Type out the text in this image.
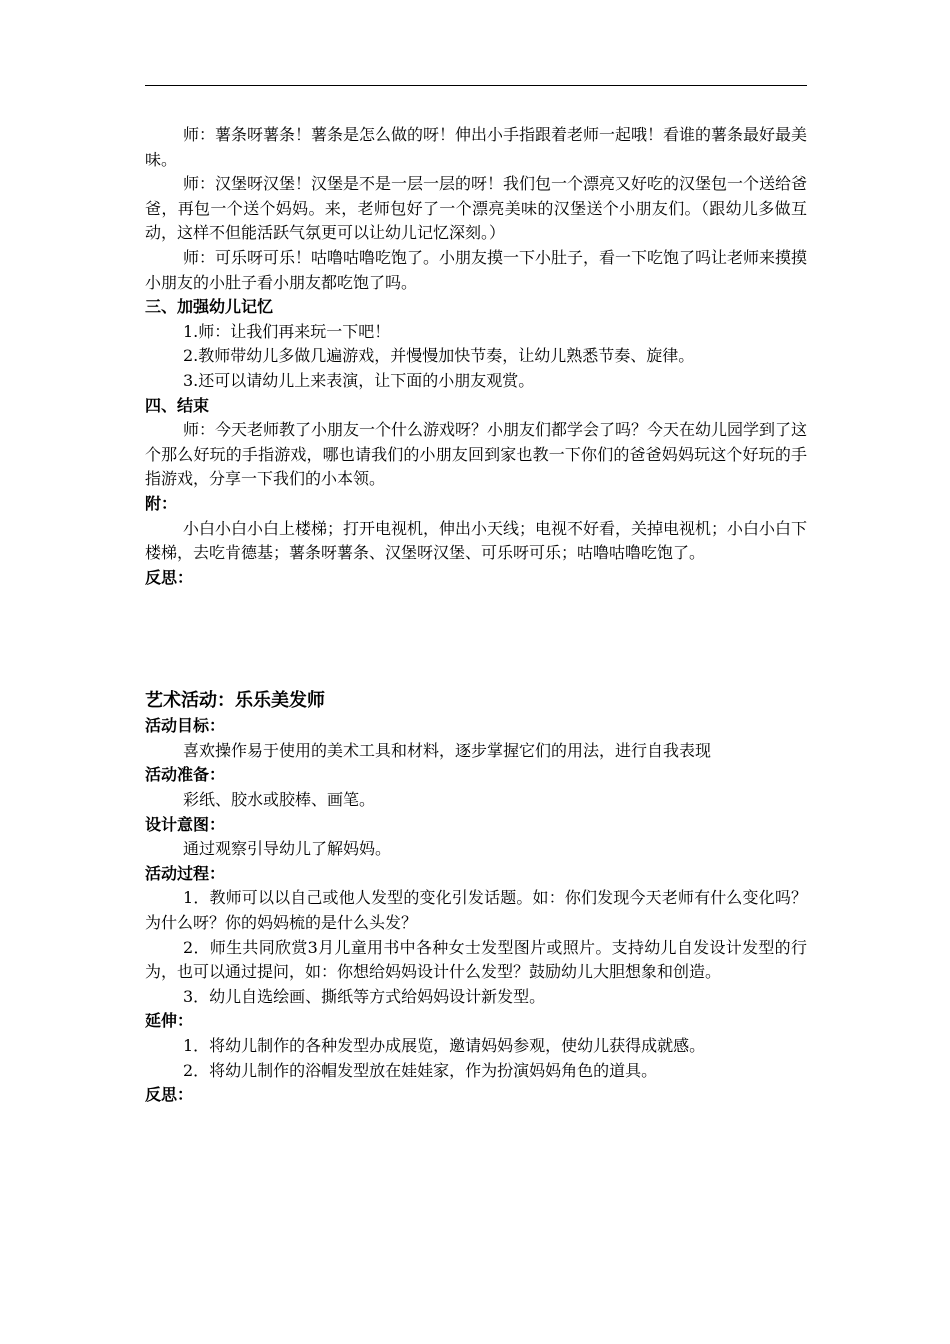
师：薯条呀薯条！薯条是怎么做的呀！伸出小手指跟着老师一起哦！看谁的薯条最好最美味。

师：汉堡呀汉堡！汉堡是不是一层一层的呀！我们包一个漂亮又好吃的汉堡包一个送给爸爸，再包一个送个妈妈。来，老师包好了一个漂亮美味的汉堡送个小朋友们。（跟幼儿多做互动，这样不但能活跃气氛更可以让幼儿记忆深刻。）

师：可乐呀可乐！咕噜咕噜吃饱了。小朋友摸一下小肚子，看一下吃饱了吗让老师来摸摸小朋友的小肚子看小朋友都吃饱了吗。

三、加强幼儿记忆

1.师：让我们再来玩一下吧！

2.教师带幼儿多做几遍游戏，并慢慢加快节奏，让幼儿熟悉节奏、旋律。

3.还可以请幼儿上来表演，让下面的小朋友观赏。

四、结束

师：今天老师教了小朋友一个什么游戏呀？小朋友们都学会了吗？今天在幼儿园学到了这个那么好玩的手指游戏，哪也请我们的小朋友回到家也教一下你们的爸爸妈妈玩这个好玩的手指游戏，分享一下我们的小本领。

附：

小白小白小白上楼梯；打开电视机，伸出小天线；电视不好看，关掉电视机；小白小白下楼梯，去吃肯德基；薯条呀薯条、汉堡呀汉堡、可乐呀可乐；咕噜咕噜吃饱了。

反思：

艺术活动：乐乐美发师

活动目标：

喜欢操作易于使用的美术工具和材料，逐步掌握它们的用法，进行自我表现

活动准备：

彩纸、胶水或胶棒、画笔。

设计意图：

通过观察引导幼儿了解妈妈。

活动过程：

1．教师可以以自己或他人发型的变化引发话题。如：你们发现今天老师有什么变化吗？为什么呀？你的妈妈梳的是什么头发？

2．师生共同欣赏3月儿童用书中各种女士发型图片或照片。支持幼儿自发设计发型的行为，也可以通过提问，如：你想给妈妈设计什么发型？鼓励幼儿大胆想象和创造。

3．幼儿自选绘画、撕纸等方式给妈妈设计新发型。

延伸：

1．将幼儿制作的各种发型办成展览，邀请妈妈参观，使幼儿获得成就感。

2．将幼儿制作的浴帽发型放在娃娃家，作为扮演妈妈角色的道具。

反思：
